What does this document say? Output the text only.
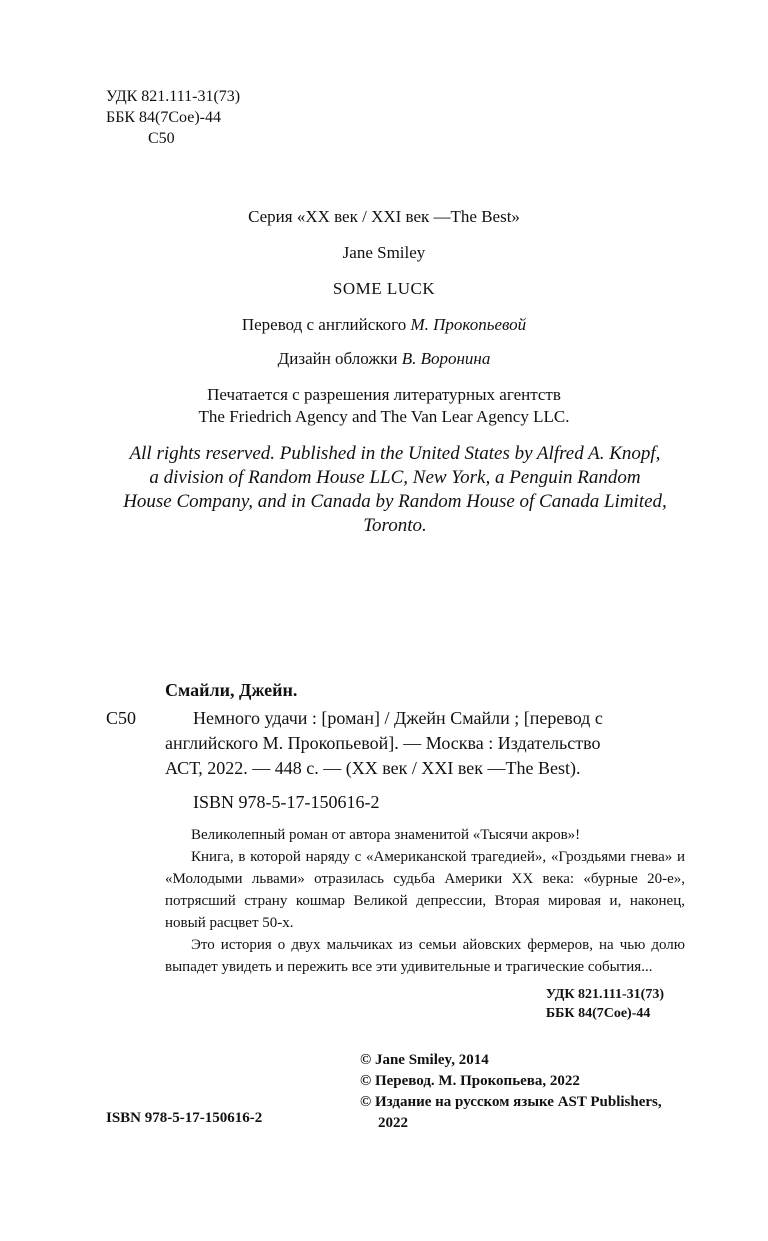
УДК 821.111-31(73)
ББК 84(7Сое)-44
С50
Серия «XX век / XXI век —The Best»
Jane Smiley
SOME LUCK
Перевод с английского М. Прокопьевой
Дизайн обложки В. Воронина
Печатается с разрешения литературных агентств
The Friedrich Agency and The Van Lear Agency LLC.
All rights reserved. Published in the United States by Alfred A. Knopf,
a division of Random House LLC, New York, a Penguin Random
House Company, and in Canada by Random House of Canada Limited,
Toronto.
Смайли, Джейн.
С50	Немного удачи : [роман] / Джейн Смайли ; [перевод с
английского М. Прокопьевой]. — Москва : Издательство
АСТ, 2022. — 448 с. — (XX век / XXI век —The Best).
ISBN 978-5-17-150616-2

Великолепный роман от автора знаменитой «Тысячи акров»!

Книга, в которой наряду с «Американской трагедией», «Гроздьями гнева» и «Молодыми львами» отразилась судьба Америки XX века: «бурные 20-е», потрясший страну кошмар Великой депрессии, Вторая мировая и, наконец, новый расцвет 50-х.

Это история о двух мальчиках из семьи айовских фермеров, на чью долю выпадет увидеть и пережить все эти удивительные и трагические события...

УДК 821.111-31(73)
ББК 84(7Сое)-44
© Jane Smiley, 2014
© Перевод. М. Прокопьева, 2022
© Издание на русском языке AST Publishers,
2022
ISBN 978-5-17-150616-2
